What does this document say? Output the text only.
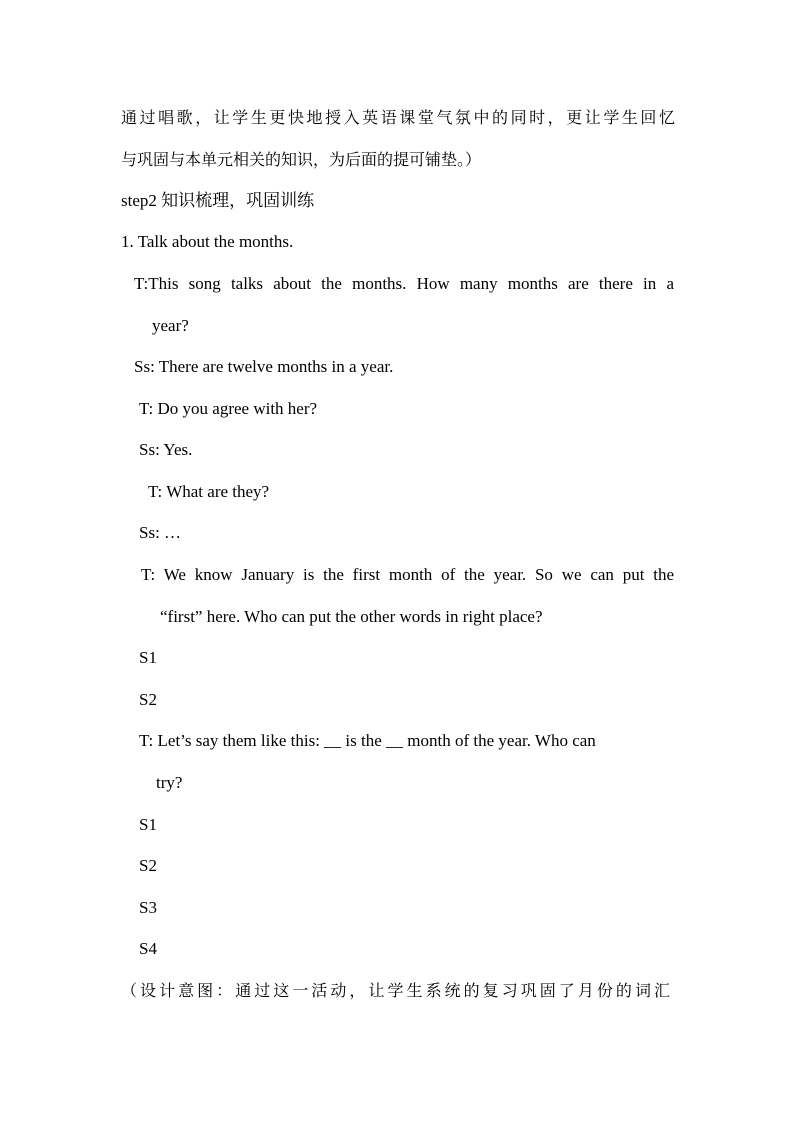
通过唱歌，让学生更快地授入英语课堂气氛中的同时，更让学生回忆
与巩固与本单元相关的知识，为后面的提可铺垫。）
step2 知识梳理，巩固训练
1. Talk about the months.
T:This song talks about the months. How many months are there in a
year?
Ss: There are twelve months in a year.
T: Do you agree with her?
Ss: Yes.
T: What are they?
Ss: …
T: We know January is the first month of the year. So we can put the
“first” here. Who can put the other words in right place?
S1
S2
T: Let’s say them like this: __ is the __ month of the year. Who can
try?
S1
S2
S3
S4
（设计意图：通过这一活动，让学生系统的复习巩固了月份的词汇
